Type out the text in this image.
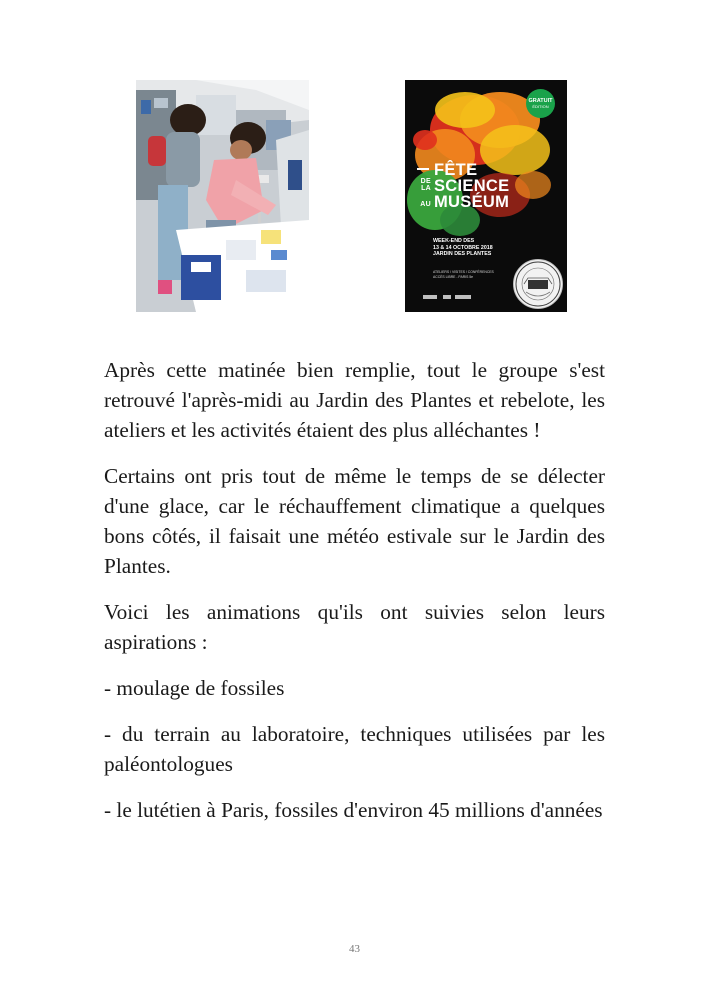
GRATUIT
ÉDITION
FÊTE
DE LA SCIENCE
AU MUSÉUM
WEEK-END DES
13 & 14 OCTOBRE 2018
JARDIN DES PLANTES
ATELIERS / VISITES / CONFÉRENCES
ACCÈS LIBRE - PARIS 5e

Après cette matinée bien remplie, tout le groupe s'est retrouvé l'après-midi au Jardin des Plantes et rebelote, les ateliers et les activités étaient des plus alléchantes !

Certains ont pris tout de même le temps de se délecter d'une glace, car le réchauffement climatique a quelques bons côtés, il faisait une météo estivale sur le Jardin des Plantes.

Voici les animations qu'ils ont suivies selon leurs aspirations :

- moulage de fossiles

- du terrain au laboratoire, techniques utilisées par les paléontologues

- le lutétien à Paris, fossiles d'environ 45 millions d'années

43
